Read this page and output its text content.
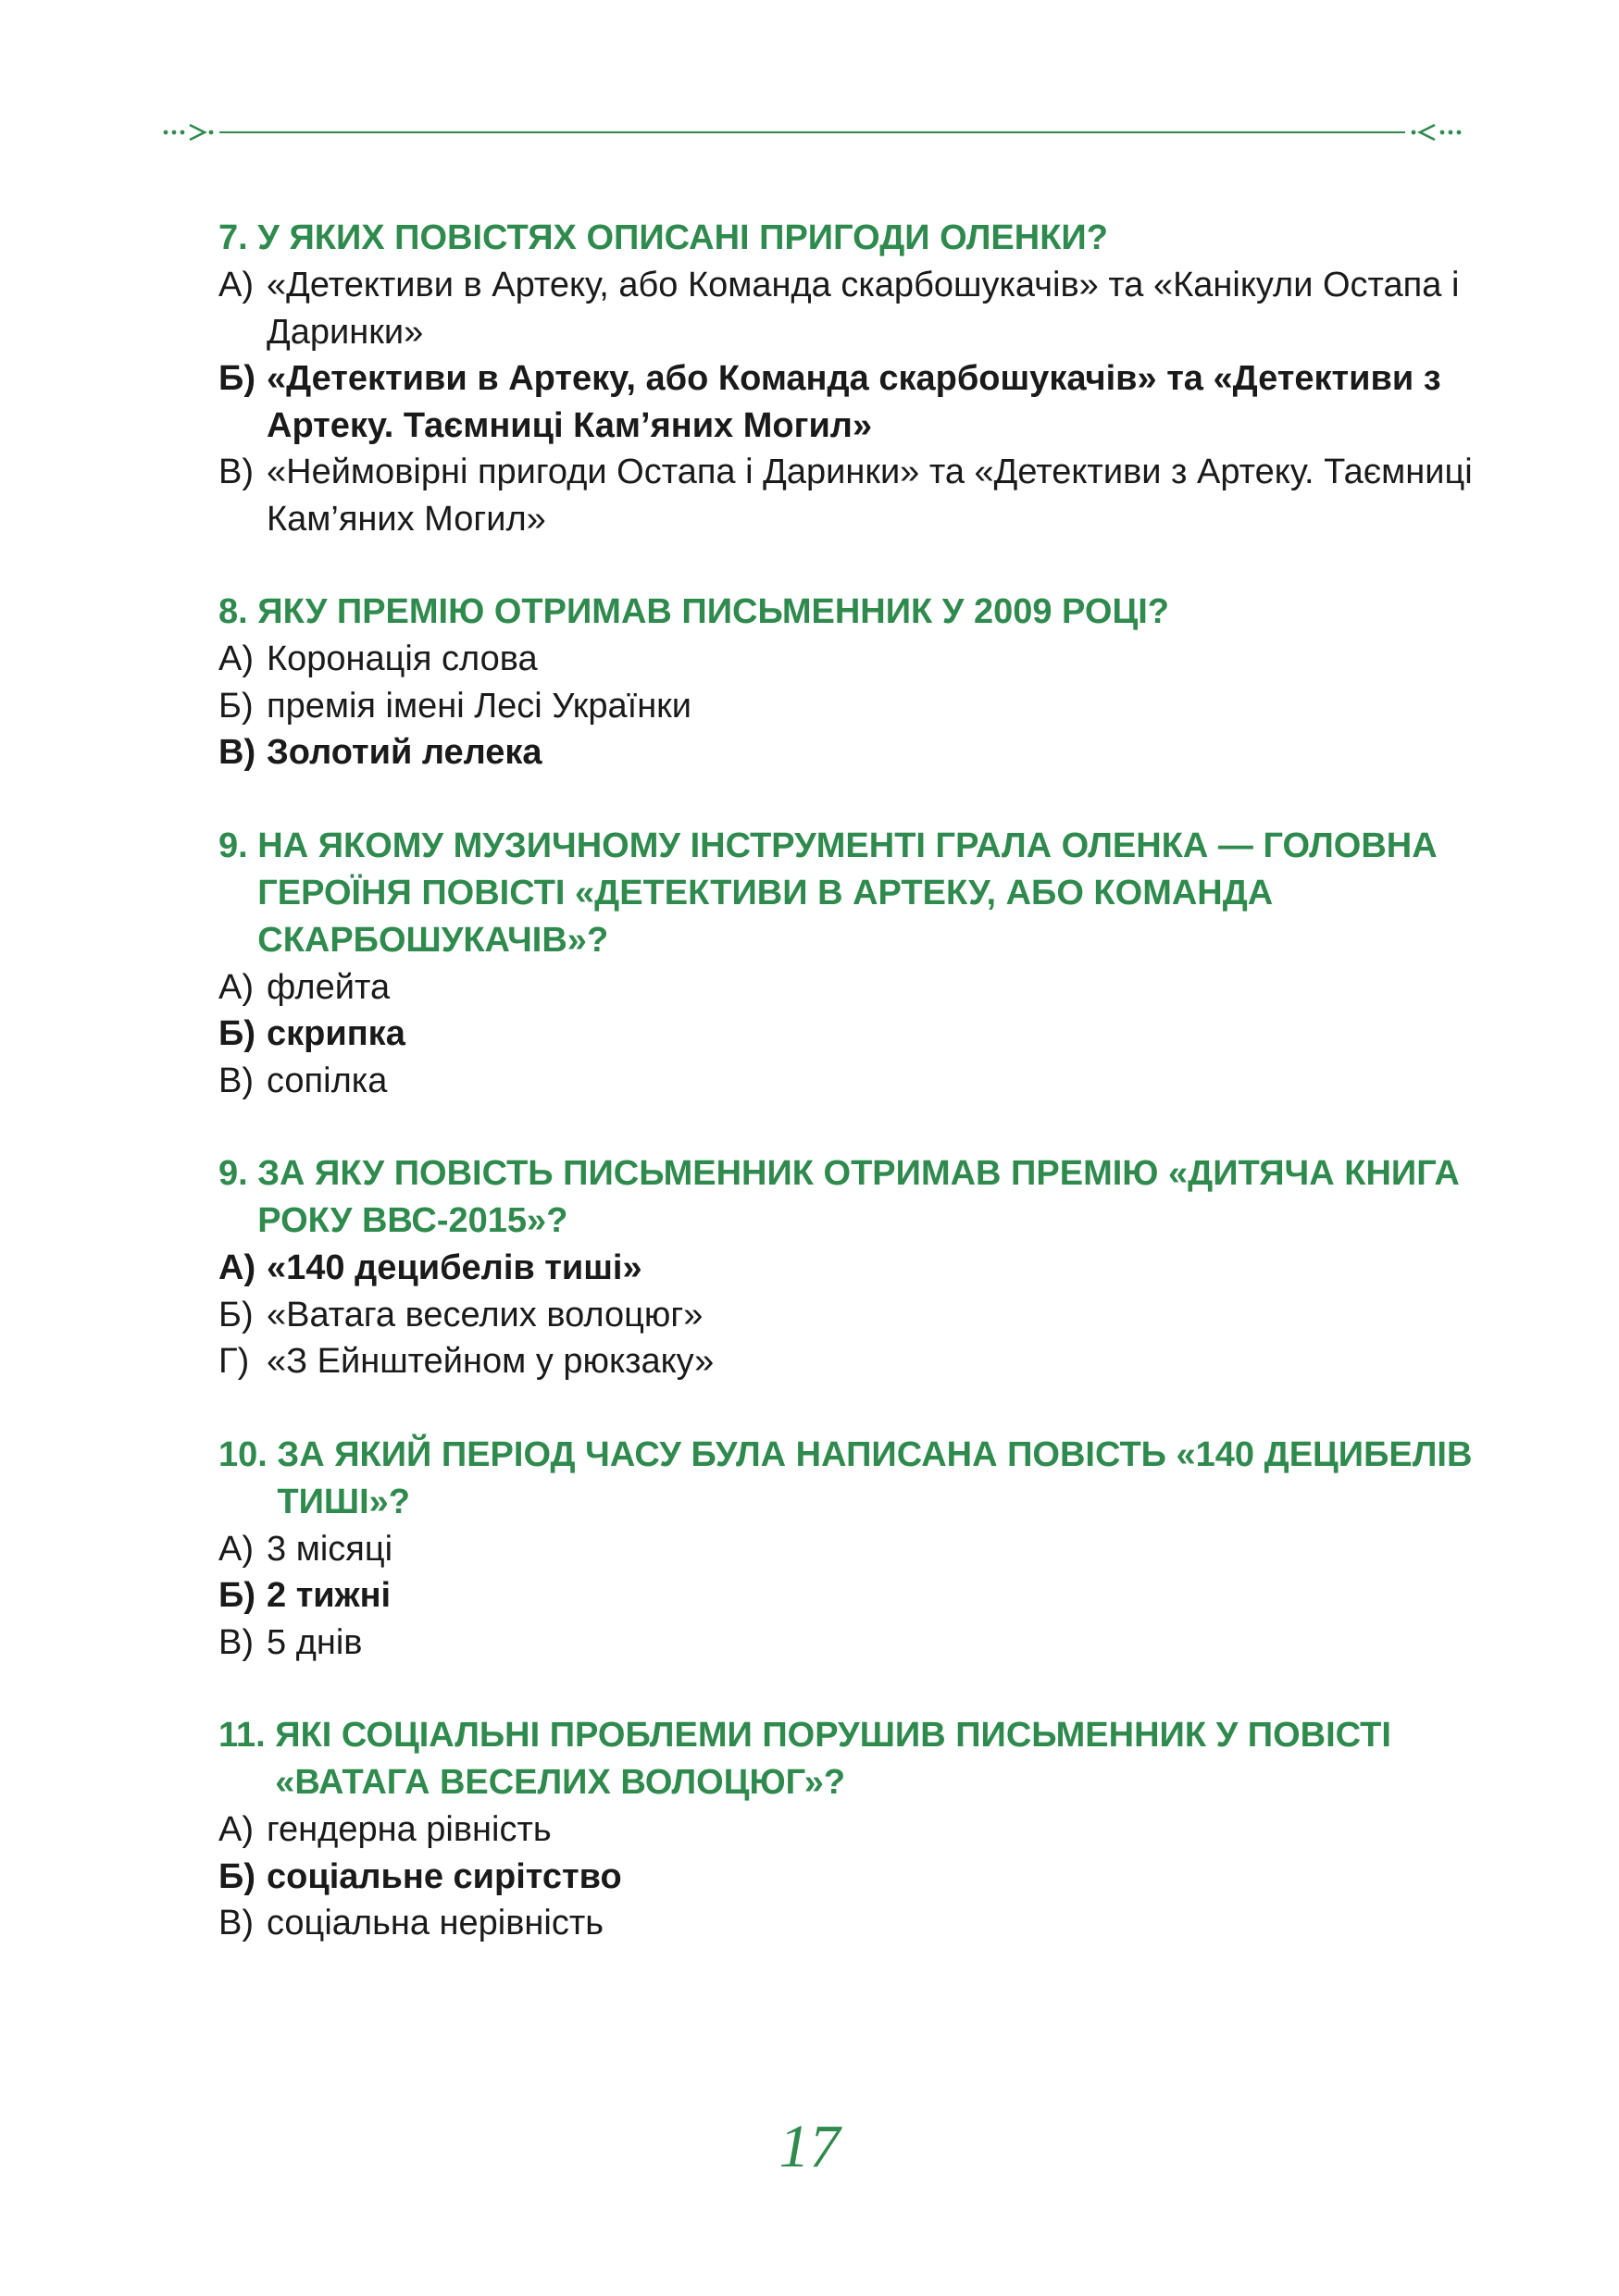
7. У ЯКИХ ПОВІСТЯХ ОПИСАНІ ПРИГОДИ ОЛЕНКИ?
А) «Детективи в Артеку, або Команда скарбошукачів» та «Канікули Остапа і Даринки»
Б) «Детективи в Артеку, або Команда скарбошукачів» та «Детективи з Артеку. Таємниці Кам’яних Могил»
В) «Неймовірні пригоди Остапа і Даринки» та «Детективи з Артеку. Таємниці Кам’яних Могил»
8. ЯКУ ПРЕМІЮ ОТРИМАВ ПИСЬМЕННИК У 2009 РОЦІ?
А) Коронація слова
Б) премія імені Лесі Українки
В) Золотий лелека
9. НА ЯКОМУ МУЗИЧНОМУ ІНСТРУМЕНТІ ГРАЛА ОЛЕНКА — ГОЛОВНА ГЕРОЇНЯ ПОВІСТІ «ДЕТЕКТИВИ В АРТЕКУ, АБО КОМАНДА СКАРБОШУКАЧІВ»?
А) флейта
Б) скрипка
В) сопілка
9. ЗА ЯКУ ПОВІСТЬ ПИСЬМЕННИК ОТРИМАВ ПРЕМІЮ «ДИТЯЧА КНИГА РОКУ ВВС-2015»?
А) «140 децибелів тиші»
Б) «Ватага веселих волоцюг»
Г) «З Ейнштейном у рюкзаку»
10. ЗА ЯКИЙ ПЕРІОД ЧАСУ БУЛА НАПИСАНА ПОВІСТЬ «140 ДЕЦИБЕЛІВ ТИШІ»?
А) 3 місяці
Б) 2 тижні
В) 5 днів
11. ЯКІ СОЦІАЛЬНІ ПРОБЛЕМИ ПОРУШИВ ПИСЬМЕННИК У ПОВІСТІ «ВАТАГА ВЕСЕЛИХ ВОЛОЦЮГ»?
А) гендерна рівність
Б) соціальне сирітство
В) соціальна нерівність
17
